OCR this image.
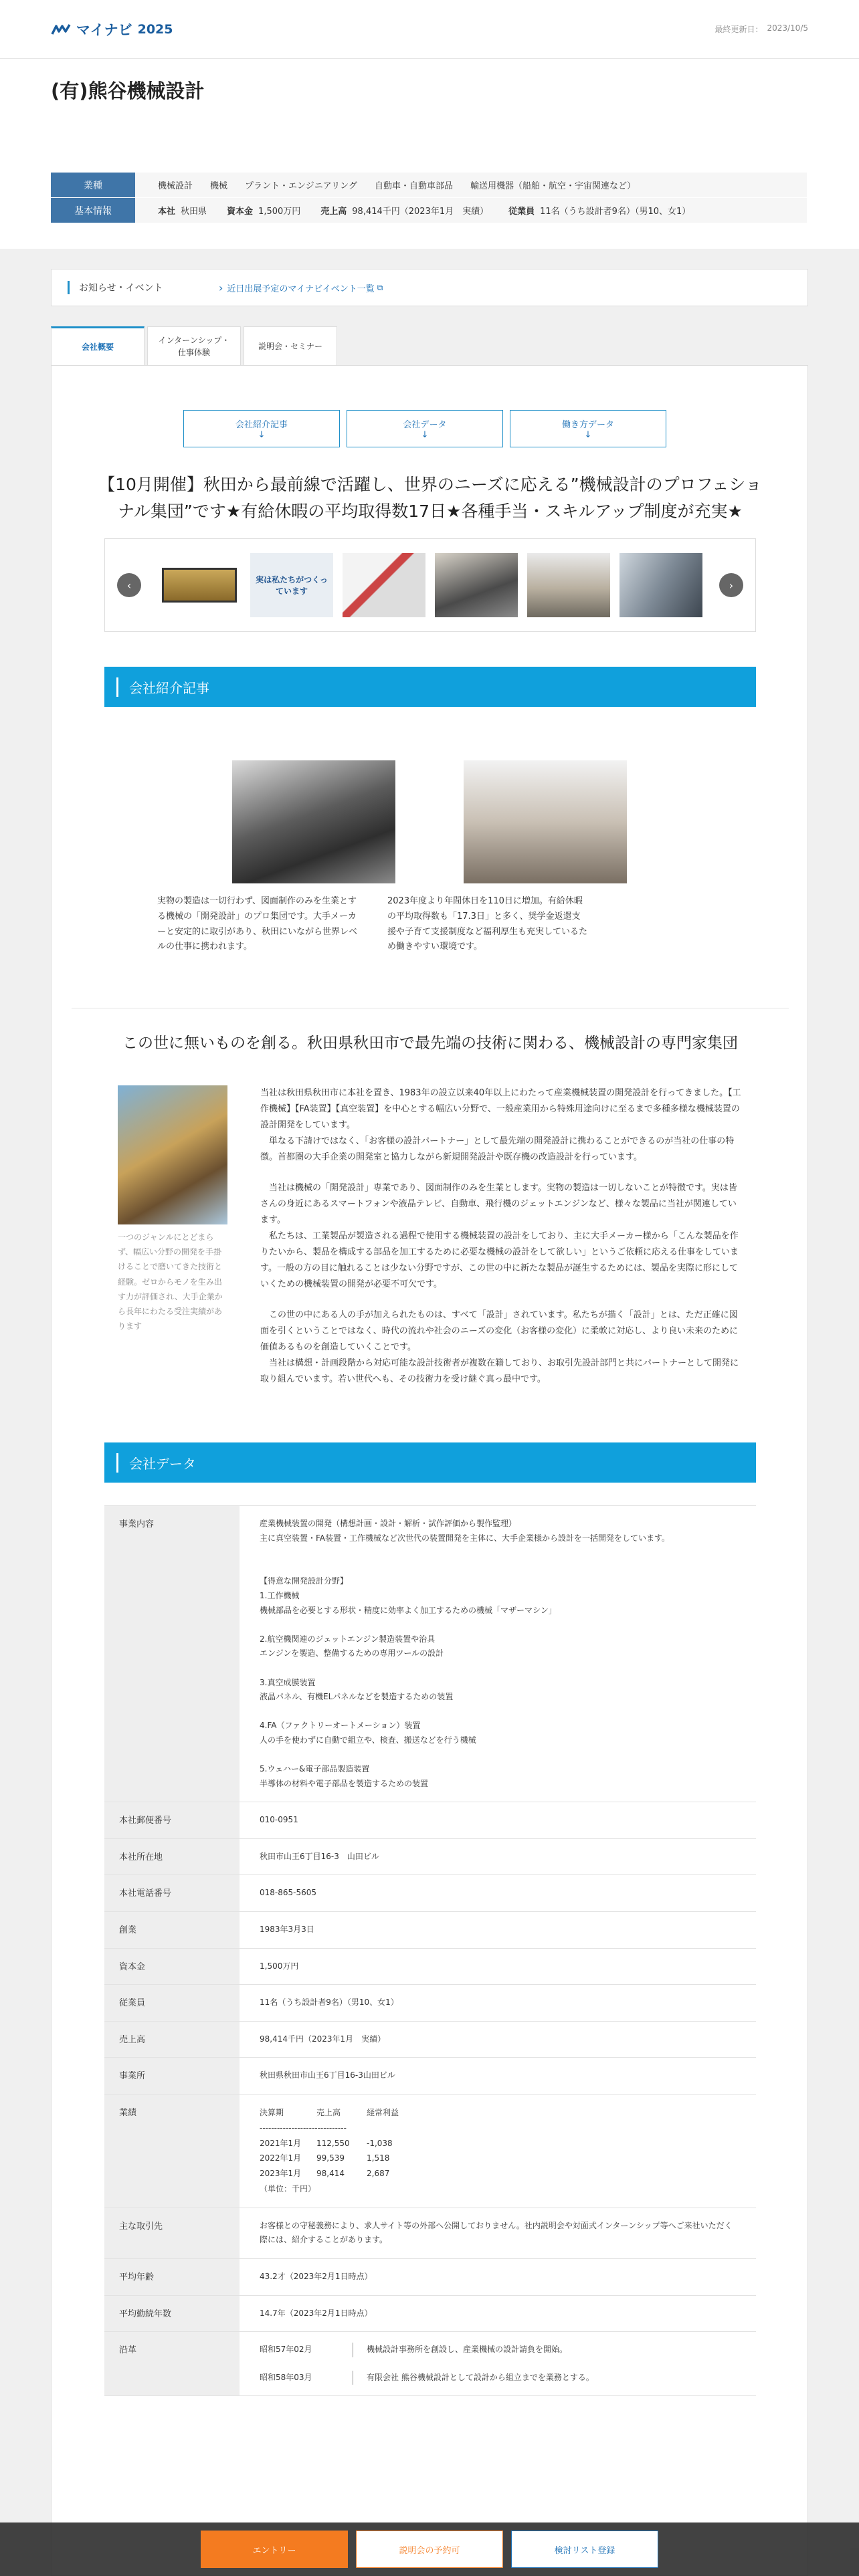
マイナビ 2025	最終更新日： 2023/10/5
(有)熊谷機械設計
業種	機械設計 機械 プラント・エンジニアリング 自動車・自動車部品 輸送用機器（船舶・航空・宇宙関連など）
基本情報	本社 秋田県 資本金 1,500万円 売上高 98,414千円（2023年1月　実績） 従業員 11名（うち設計者9名）（男10、女1）
お知らせ・イベント	› 近日出展予定のマイナビイベント一覧 ⧉
会社概要
インターンシップ・
仕事体験
説明会・セミナー
会社紹介記事
↓
会社データ
↓
働き方データ
↓
【10月開催】秋田から最前線で活躍し、世界のニーズに応える”機械設計のプロフェショナル集団”です★有給休暇の平均取得数17日★各種手当・スキルアップ制度が充実★
‹	実は私たちがつくっています	›
会社紹介記事
実物の製造は一切行わず、図面制作のみを生業とする機械の「開発設計」のプロ集団です。大手メーカーと安定的に取引があり、秋田にいながら世界レベルの仕事に携われます。
2023年度より年間休日を110日に増加。有給休暇の平均取得数も「17.3日」と多く、奨学金返還支援や子育て支援制度など福利厚生も充実しているため働きやすい環境です。
この世に無いものを創る。秋田県秋田市で最先端の技術に関わる、機械設計の専門家集団
一つのジャンルにとどまらず、幅広い分野の開発を手掛けることで磨いてきた技術と経験。ゼロからモノを生み出す力が評価され、大手企業から長年にわたる受注実績があります
当社は秋田県秋田市に本社を置き、1983年の設立以来40年以上にわたって産業機械装置の開発設計を行ってきました。【工作機械】【FA装置】【真空装置】を中心とする幅広い分野で、一般産業用から特殊用途向けに至るまで多種多様な機械装置の設計開発をしています。
　単なる下請けではなく、「お客様の設計パートナー」として最先端の開発設計に携わることができるのが当社の仕事の特徴。首都圏の大手企業の開発室と協力しながら新規開発設計や既存機の改造設計を行っています。
　当社は機械の「開発設計」専業であり、図面制作のみを生業とします。実物の製造は一切しないことが特徴です。実は皆さんの身近にあるスマートフォンや液晶テレビ、自動車、飛行機のジェットエンジンなど、様々な製品に当社が関連しています。
　私たちは、工業製品が製造される過程で使用する機械装置の設計をしており、主に大手メーカー様から「こんな製品を作りたいから、製品を構成する部品を加工するために必要な機械の設計をして欲しい」というご依頼に応える仕事をしています。一般の方の目に触れることは少ない分野ですが、この世の中に新たな製品が誕生するためには、製品を実際に形にしていくための機械装置の開発が必要不可欠です。
　この世の中にある人の手が加えられたものは、すべて「設計」されています。私たちが描く「設計」とは、ただ正確に図面を引くということではなく、時代の流れや社会のニーズの変化（お客様の変化）に柔軟に対応し、より良い未来のために価値あるものを創造していくことです。
　当社は構想・計画段階から対応可能な設計技術者が複数在籍しており、お取引先設計部門と共にパートナーとして開発に取り組んでいます。若い世代へも、その技術力を受け継ぐ真っ最中です。
会社データ
事業内容	産業機械装置の開発（構想計画・設計・解析・試作評価から製作監理）
主に真空装置・FA装置・工作機械など次世代の装置開発を主体に、大手企業様から設計を一括開発をしています。

【得意な開発設計分野】
1.工作機械
機械部品を必要とする形状・精度に効率よく加工するための機械「マザーマシン」

2.航空機関連のジェットエンジン製造装置や治具
エンジンを製造、整備するための専用ツールの設計

3.真空成膜装置
液晶パネル、有機ELパネルなどを製造するための装置

4.FA（ファクトリーオートメーション）装置
人の手を使わずに自動で組立や、検査、搬送などを行う機械

5.ウェハー&電子部品製造装置
半導体の材料や電子部品を製造するための装置
本社郵便番号	010-0951
本社所在地	秋田市山王6丁目16-3　山田ビル
本社電話番号	018-865-5605
創業	1983年3月3日
資本金	1,500万円
従業員	11名（うち設計者9名）（男10、女1）
売上高	98,414千円（2023年1月　実績）
事業所	秋田県秋田市山王6丁目16-3山田ビル
業績	決算期	売上高	経常利益
------------------------------
2021年1月	112,550	-1,038
2022年1月	99,539	1,518
2023年1月	98,414	2,687
（単位：千円）
主な取引先	お客様との守秘義務により、求人サイト等の外部へ公開しておりません。社内説明会や対面式インターンシップ等へご来社いただく際には、紹介することがあります。
平均年齢	43.2才（2023年2月1日時点）
平均勤続年数	14.7年（2023年2月1日時点）
沿革	昭和57年02月	機械設計事務所を創設し、産業機械の設計請負を開始。
昭和58年03月	有限会社 熊谷機械設計として設計から組立までを業務とする。
エントリー	説明会の予約可	検討リスト登録
